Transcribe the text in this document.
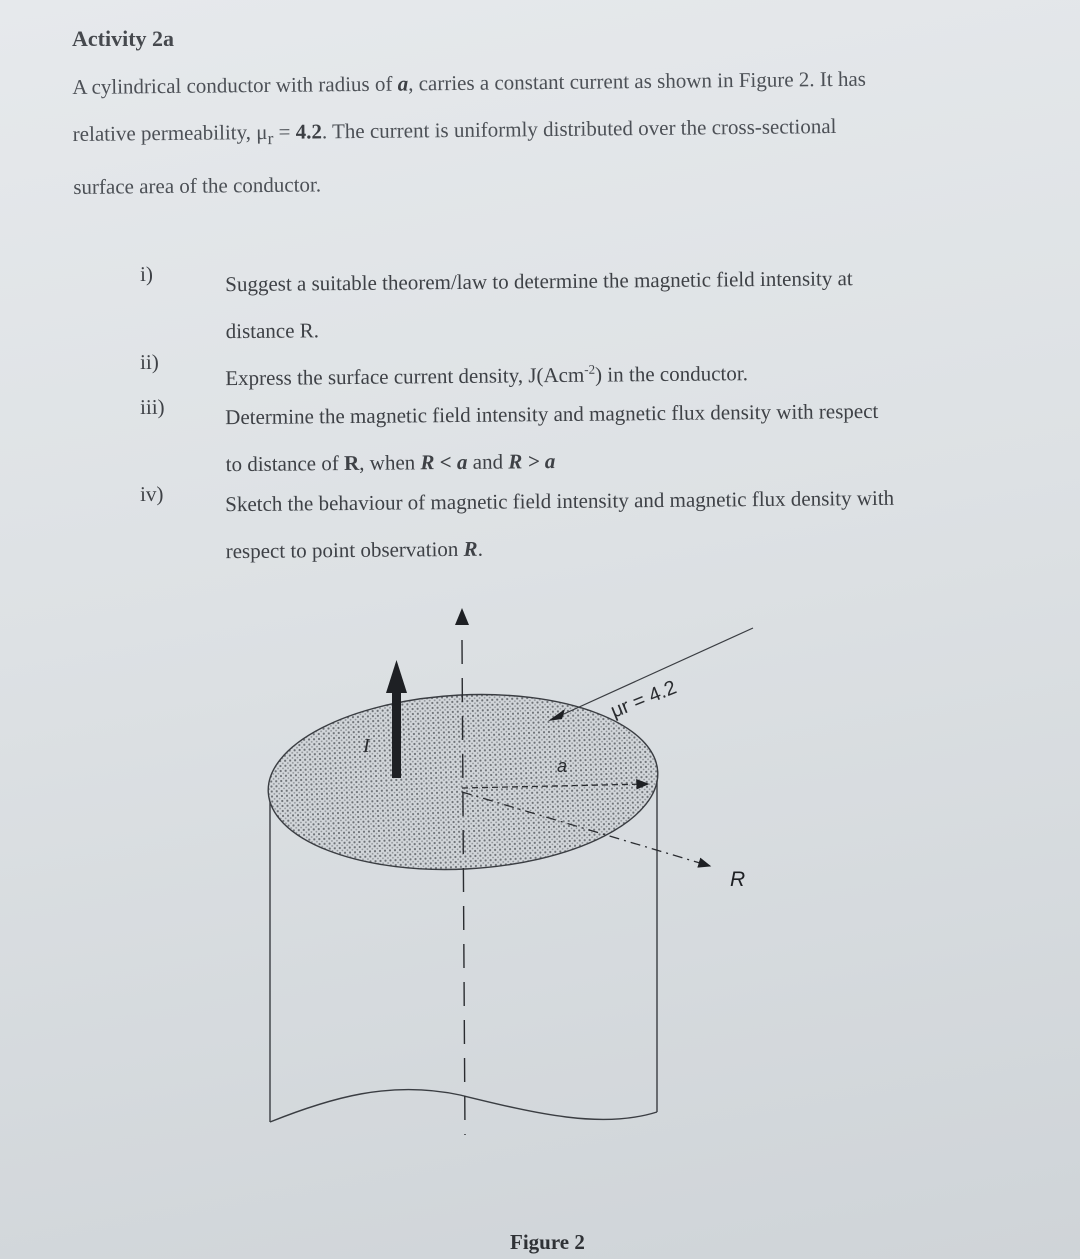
Activity 2a
A cylindrical conductor with radius of a, carries a constant current as shown in Figure 2. It has
relative permeability, $\mu_r = 4.2$. The current is uniformly distributed over the cross-sectional
surface area of the conductor.
i)	Suggest a suitable theorem/law to determine the magnetic field intensity at
distance R.
ii)
Express the surface current density, J(Acm$^{-2}$) in the conductor.
iii)	Determine the magnetic field intensity and magnetic flux density with respect
to distance of R, when R < a and R > a
iv)	Sketch the behaviour of magnetic field intensity and magnetic flux density with
respect to point observation R.
I
a
μr = 4.2
R
Figure 2
